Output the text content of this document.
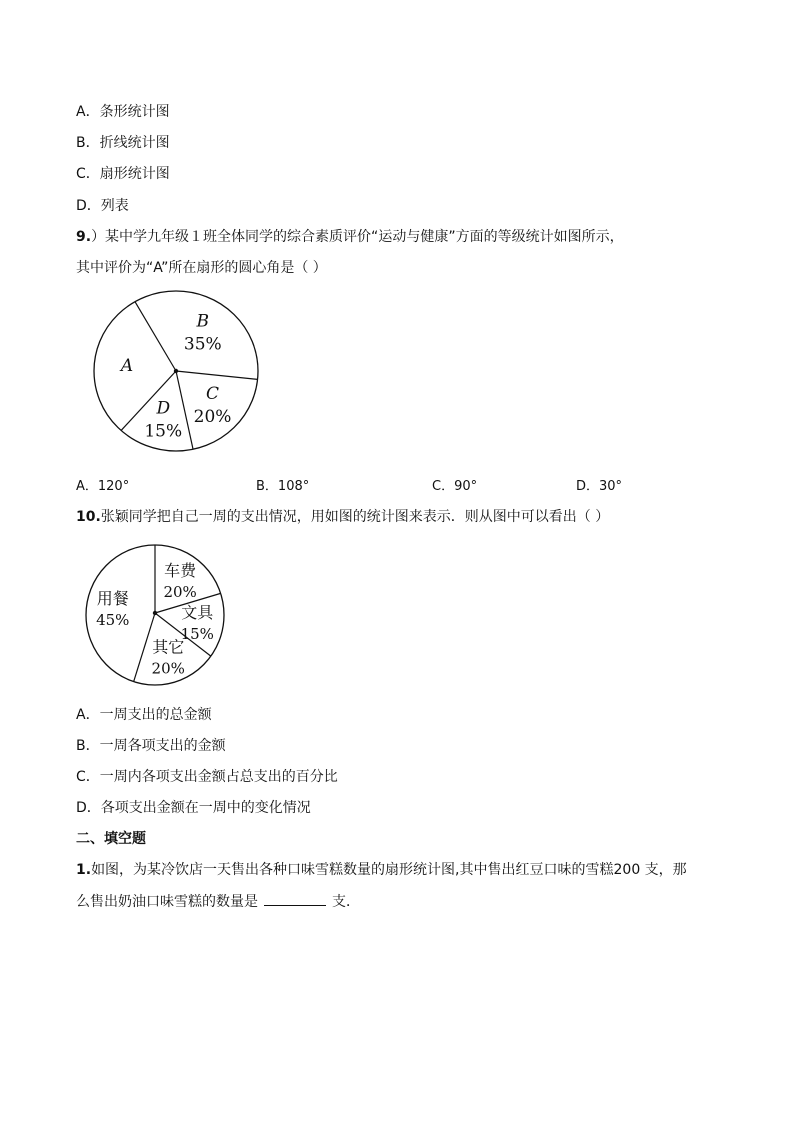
A．条形统计图
B．折线统计图
C．扇形统计图
D．列表
9.）某中学九年级１班全体同学的综合素质评价“运动与健康”方面的等级统计如图所示，
其中评价为“A”所在扇形的圆心角是（ ）
B
35%
C
20%
D
15%
A
A．120°	B．108°	C．90°	D．30°
10.张颖同学把自己一周的支出情况，用如图的统计图来表示．则从图中可以看出（ ）
车费
20%
文具
15%
其它
20%
用餐
45%
A．一周支出的总金额
B．一周各项支出的金额
C．一周内各项支出金额占总支出的百分比
D．各项支出金额在一周中的变化情况
二、填空题
1.如图，为某冷饮店一天售出各种口味雪糕数量的扇形统计图,其中售出红豆口味的雪糕200 支，那
么售出奶油口味雪糕的数量是	支．
